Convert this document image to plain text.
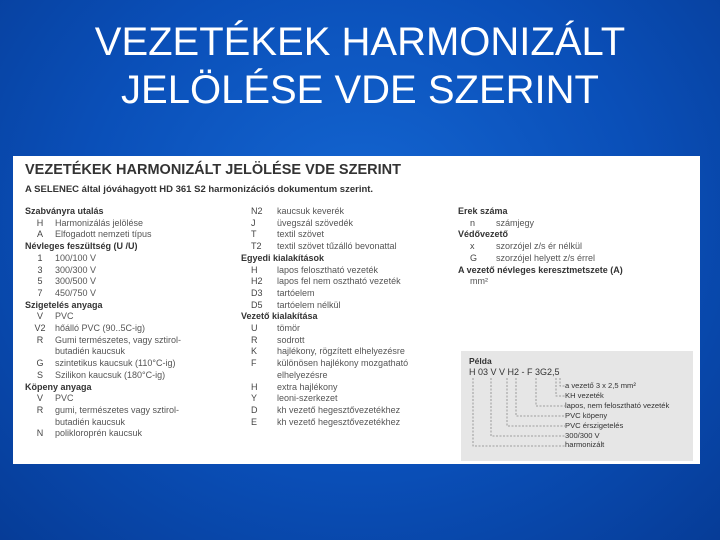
VEZETÉKEK HARMONIZÁLT
JELÖLÉSE VDE SZERINT
VEZETÉKEK HARMONIZÁLT JELÖLÉSE VDE SZERINT
A SELENEC által jóváhagyott HD 361 S2 harmonizációs dokumentum szerint.
Szabványra utalás
H	Harmonizálás jelölése
A	Elfogadott nemzeti típus
Névleges feszültség (U /U)
1	100/100 V
3	300/300 V
5	300/500 V
7	450/750 V
Szigetelés anyaga
V	PVC
V2	hőálló PVC (90..5C-ig)
R	Gumi természetes, vagy sztirol-
butadién kaucsuk
G	szintetikus kaucsuk (110°C-ig)
S	Szilikon kaucsuk (180°C-ig)
Köpeny anyaga
V	PVC
R	gumi, természetes vagy sztirol-
butadién kaucsuk
N	polikloroprén kaucsuk
N2	kaucsuk keverék
J	üvegszál szövedék
T	textil szövet
T2	textil szövet tűzálló bevonattal
Egyedi kialakítások
H	lapos felosztható vezeték
H2	lapos fel nem osztható vezeték
D3	tartóelem
D5	tartóelem nélkül
Vezető kialakítása
U	tömör
R	sodrott
K	hajlékony, rögzített elhelyezésre
F	különösen hajlékony mozgatható
elhelyezésre
H	extra hajlékony
Y	leoni-szerkezet
D	kh vezető hegesztővezetékhez
E	kh vezető hegesztővezetékhez
Erek száma
n	számjegy
Védővezető
x	szorzójel z/s ér nélkül
G	szorzójel helyett z/s érrel
A vezető névleges keresztmetszete (A)
mm²
Példa
H 03 V V H2 - F 3G2,5
a vezető 3 x 2,5 mm²
KH vezeték
lapos, nem felosztható vezeték
PVC köpeny
PVC érszigetelés
300/300 V
harmonizált
